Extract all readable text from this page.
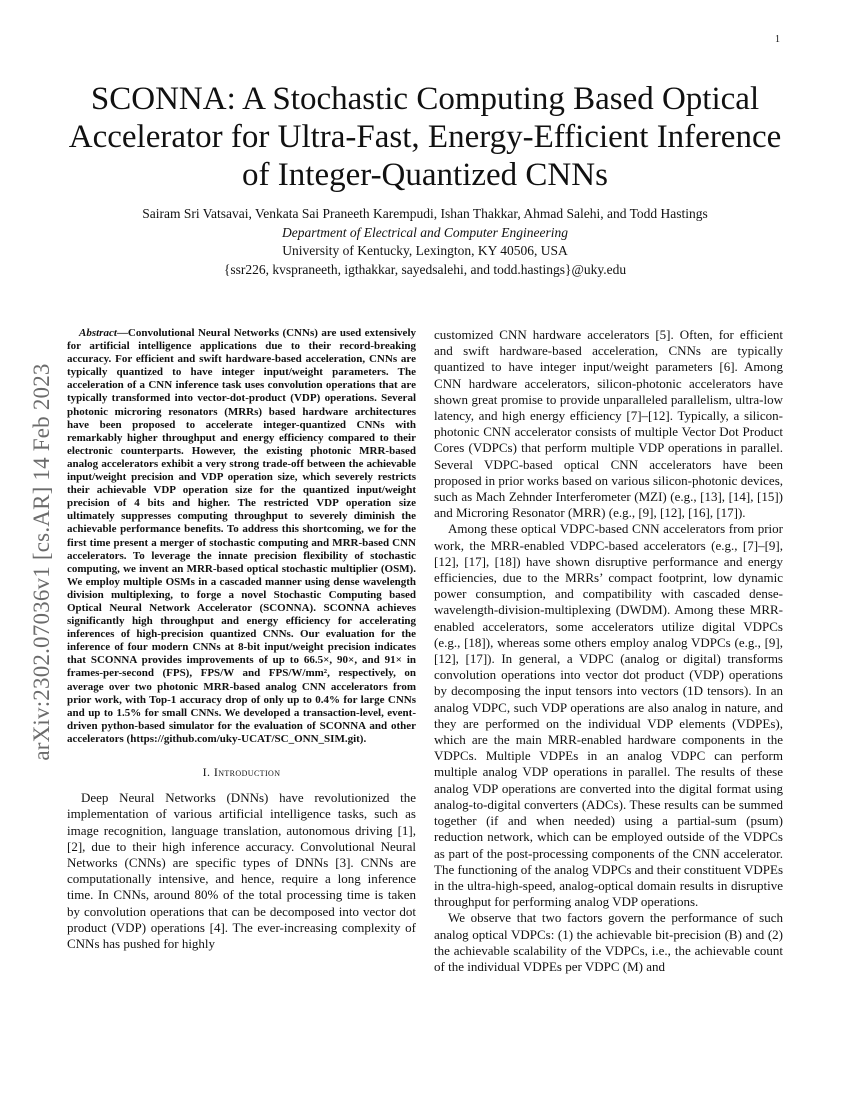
1
arXiv:2302.07036v1 [cs.AR] 14 Feb 2023
SCONNA: A Stochastic Computing Based Optical Accelerator for Ultra-Fast, Energy-Efficient Inference of Integer-Quantized CNNs
Sairam Sri Vatsavai, Venkata Sai Praneeth Karempudi, Ishan Thakkar, Ahmad Salehi, and Todd Hastings
Department of Electrical and Computer Engineering
University of Kentucky, Lexington, KY 40506, USA
{ssr226, kvspraneeth, igthakkar, sayedsalehi, and todd.hastings}@uky.edu

Abstract—Convolutional Neural Networks (CNNs) are used extensively for artificial intelligence applications due to their record-breaking accuracy. For efficient and swift hardware-based acceleration, CNNs are typically quantized to have integer input/weight parameters. The acceleration of a CNN inference task uses convolution operations that are typically transformed into vector-dot-product (VDP) operations. Several photonic microring resonators (MRRs) based hardware architectures have been proposed to accelerate integer-quantized CNNs with remarkably higher throughput and energy efficiency compared to their electronic counterparts. However, the existing photonic MRR-based analog accelerators exhibit a very strong trade-off between the achievable input/weight precision and VDP operation size, which severely restricts their achievable VDP operation size for the quantized input/weight precision of 4 bits and higher. The restricted VDP operation size ultimately suppresses computing throughput to severely diminish the achievable performance benefits. To address this shortcoming, we for the first time present a merger of stochastic computing and MRR-based CNN accelerators. To leverage the innate precision flexibility of stochastic computing, we invent an MRR-based optical stochastic multiplier (OSM). We employ multiple OSMs in a cascaded manner using dense wavelength division multiplexing, to forge a novel Stochastic Computing based Optical Neural Network Accelerator (SCONNA). SCONNA achieves significantly high throughput and energy efficiency for accelerating inferences of high-precision quantized CNNs. Our evaluation for the inference of four modern CNNs at 8-bit input/weight precision indicates that SCONNA provides improvements of up to 66.5×, 90×, and 91× in frames-per-second (FPS), FPS/W and FPS/W/mm², respectively, on average over two photonic MRR-based analog CNN accelerators from prior work, with Top-1 accuracy drop of only up to 0.4% for large CNNs and up to 1.5% for small CNNs. We developed a transaction-level, event-driven python-based simulator for the evaluation of SCONNA and other accelerators (https://github.com/uky-UCAT/SC_ONN_SIM.git).

I. Introduction

Deep Neural Networks (DNNs) have revolutionized the implementation of various artificial intelligence tasks, such as image recognition, language translation, autonomous driving [1], [2], due to their high inference accuracy. Convolutional Neural Networks (CNNs) are specific types of DNNs [3]. CNNs are computationally intensive, and hence, require a long inference time. In CNNs, around 80% of the total processing time is taken by convolution operations that can be decomposed into vector dot product (VDP) operations [4]. The ever-increasing complexity of CNNs has pushed for highly

customized CNN hardware accelerators [5]. Often, for efficient and swift hardware-based acceleration, CNNs are typically quantized to have integer input/weight parameters [6]. Among CNN hardware accelerators, silicon-photonic accelerators have shown great promise to provide unparalleled parallelism, ultra-low latency, and high energy efficiency [7]–[12]. Typically, a silicon-photonic CNN accelerator consists of multiple Vector Dot Product Cores (VDPCs) that perform multiple VDP operations in parallel. Several VDPC-based optical CNN accelerators have been proposed in prior works based on various silicon-photonic devices, such as Mach Zehnder Interferometer (MZI) (e.g., [13], [14], [15]) and Microring Resonator (MRR) (e.g., [9], [12], [16], [17]).

Among these optical VDPC-based CNN accelerators from prior work, the MRR-enabled VDPC-based accelerators (e.g., [7]–[9], [12], [17], [18]) have shown disruptive performance and energy efficiencies, due to the MRRs’ compact footprint, low dynamic power consumption, and compatibility with cascaded dense-wavelength-division-multiplexing (DWDM). Among these MRR-enabled accelerators, some accelerators utilize digital VDPCs (e.g., [18]), whereas some others employ analog VDPCs (e.g., [9], [12], [17]). In general, a VDPC (analog or digital) transforms convolution operations into vector dot product (VDP) operations by decomposing the input tensors into vectors (1D tensors). In an analog VDPC, such VDP operations are also analog in nature, and they are performed on the individual VDP elements (VDPEs), which are the main MRR-enabled hardware components in the VDPCs. Multiple VDPEs in an analog VDPC can perform multiple analog VDP operations in parallel. The results of these analog VDP operations are converted into the digital format using analog-to-digital converters (ADCs). These results can be summed together (if and when needed) using a partial-sum (psum) reduction network, which can be employed outside of the VDPCs as part of the post-processing components of the CNN accelerator. The functioning of the analog VDPCs and their constituent VDPEs in the ultra-high-speed, analog-optical domain results in disruptive throughput for performing analog VDP operations.

We observe that two factors govern the performance of such analog optical VDPCs: (1) the achievable bit-precision (B) and (2) the achievable scalability of the VDPCs, i.e., the achievable count of the individual VDPEs per VDPC (M) and
